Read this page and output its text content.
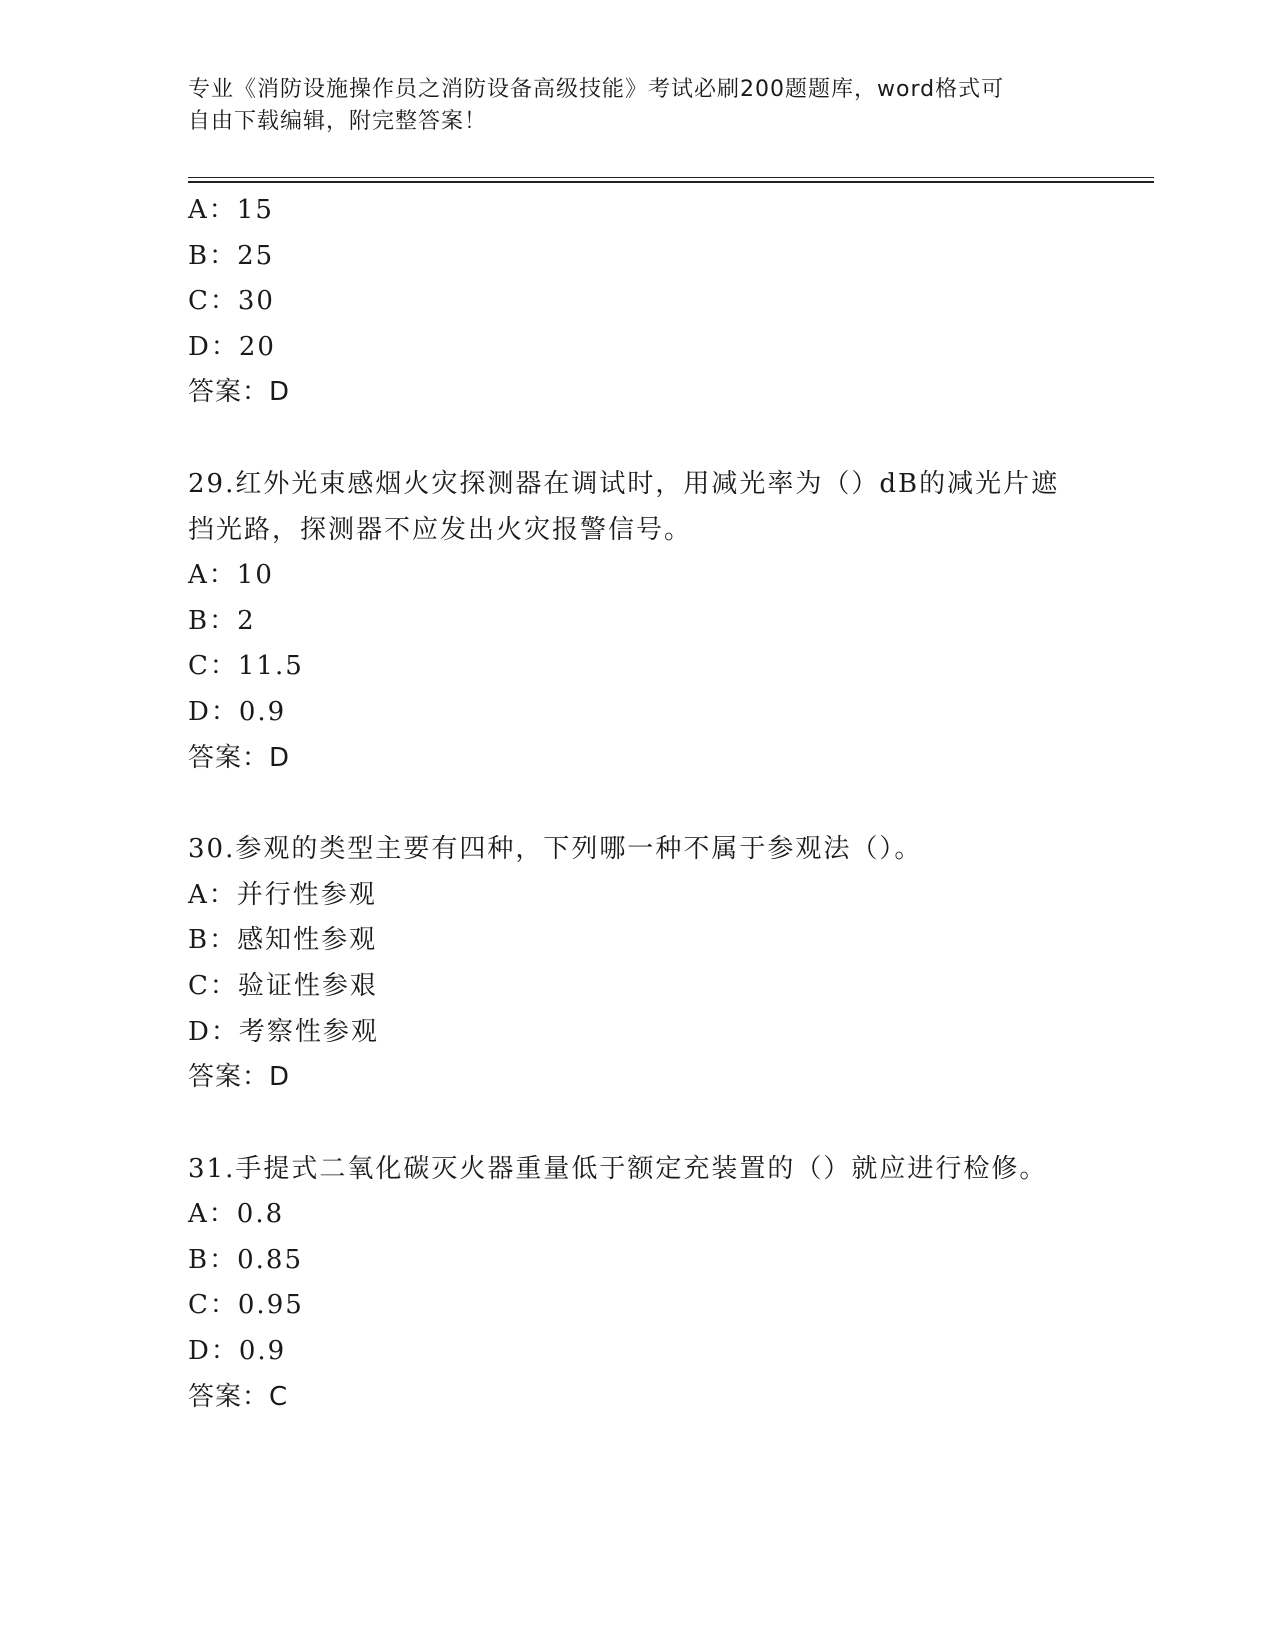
专业《消防设施操作员之消防设备高级技能》考试必刷200题题库，word格式可
自由下载编辑，附完整答案！
A：15
B：25
C：30
D：20
答案：D
29.红外光束感烟火灾探测器在调试时，用减光率为（）dB的减光片遮
挡光路，探测器不应发出火灾报警信号。
A：10
B：2
C：11.5
D：0.9
答案：D
30.参观的类型主要有四种，下列哪一种不属于参观法（）。
A：并行性参观
B：感知性参观
C：验证性参艰
D：考察性参观
答案：D
31.手提式二氧化碳灭火器重量低于额定充装置的（）就应进行检修。
A：0.8
B：0.85
C：0.95
D：0.9
答案：C
